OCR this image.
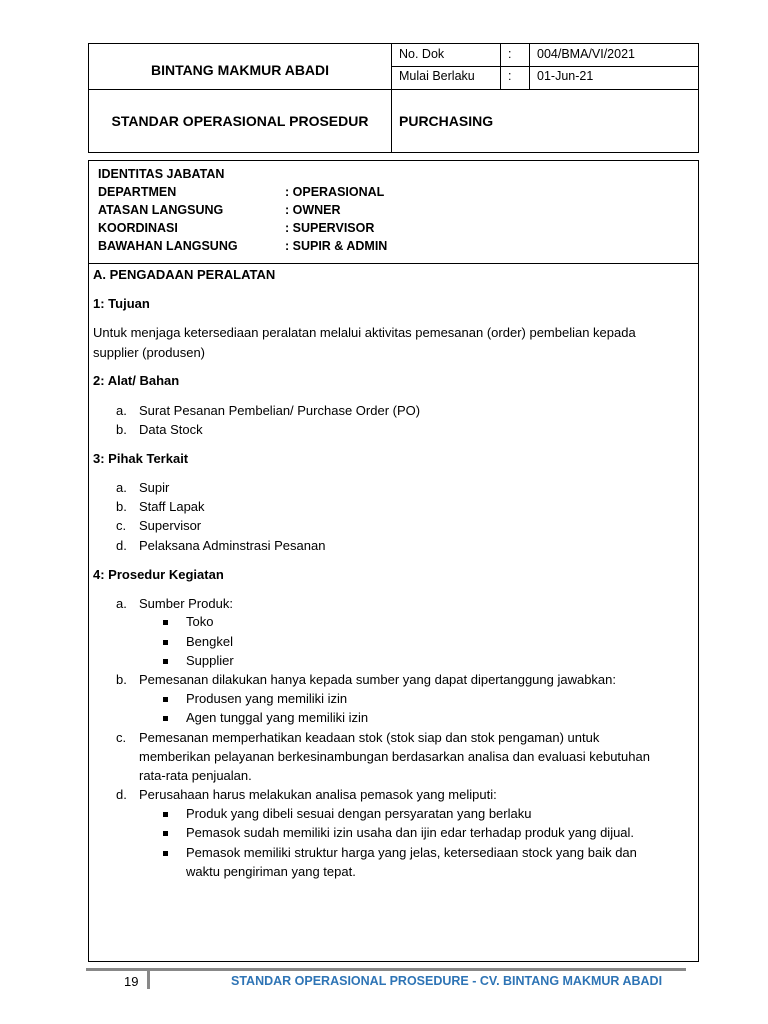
BINTANG MAKMUR ABADI
STANDAR OPERASIONAL PROSEDUR
No. Dok	: 004/BMA/VI/2021
Mulai Berlaku	: 01-Jun-21
PURCHASING
IDENTITAS JABATAN
DEPARTMEN	: OPERASIONAL
ATASAN LANGSUNG	: OWNER
KOORDINASI	: SUPERVISOR
BAWAHAN LANGSUNG	: SUPIR & ADMIN
A. PENGADAAN PERALATAN
1: Tujuan
Untuk menjaga ketersediaan peralatan melalui aktivitas pemesanan (order) pembelian kepada
supplier (produsen)
2: Alat/ Bahan
a. Surat Pesanan Pembelian/ Purchase Order (PO)
b. Data Stock
3: Pihak Terkait
a. Supir
b. Staff Lapak
c. Supervisor
d. Pelaksana Adminstrasi Pesanan
4: Prosedur Kegiatan
a. Sumber Produk:
Toko
Bengkel
Supplier
b. Pemesanan dilakukan hanya kepada sumber yang dapat dipertanggung jawabkan:
Produsen yang memiliki izin
Agen tunggal yang memiliki izin
c. Pemesanan memperhatikan keadaan stok (stok siap dan stok pengaman) untuk
memberikan pelayanan berkesinambungan berdasarkan analisa dan evaluasi kebutuhan
rata-rata penjualan.
d. Perusahaan harus melakukan analisa pemasok yang meliputi:
Produk yang dibeli sesuai dengan persyaratan yang berlaku
Pemasok sudah memiliki izin usaha dan ijin edar terhadap produk yang dijual.
Pemasok memiliki struktur harga yang jelas, ketersediaan stock yang baik dan
waktu pengiriman yang tepat.
19	STANDAR OPERASIONAL PROSEDURE - CV. BINTANG MAKMUR ABADI
